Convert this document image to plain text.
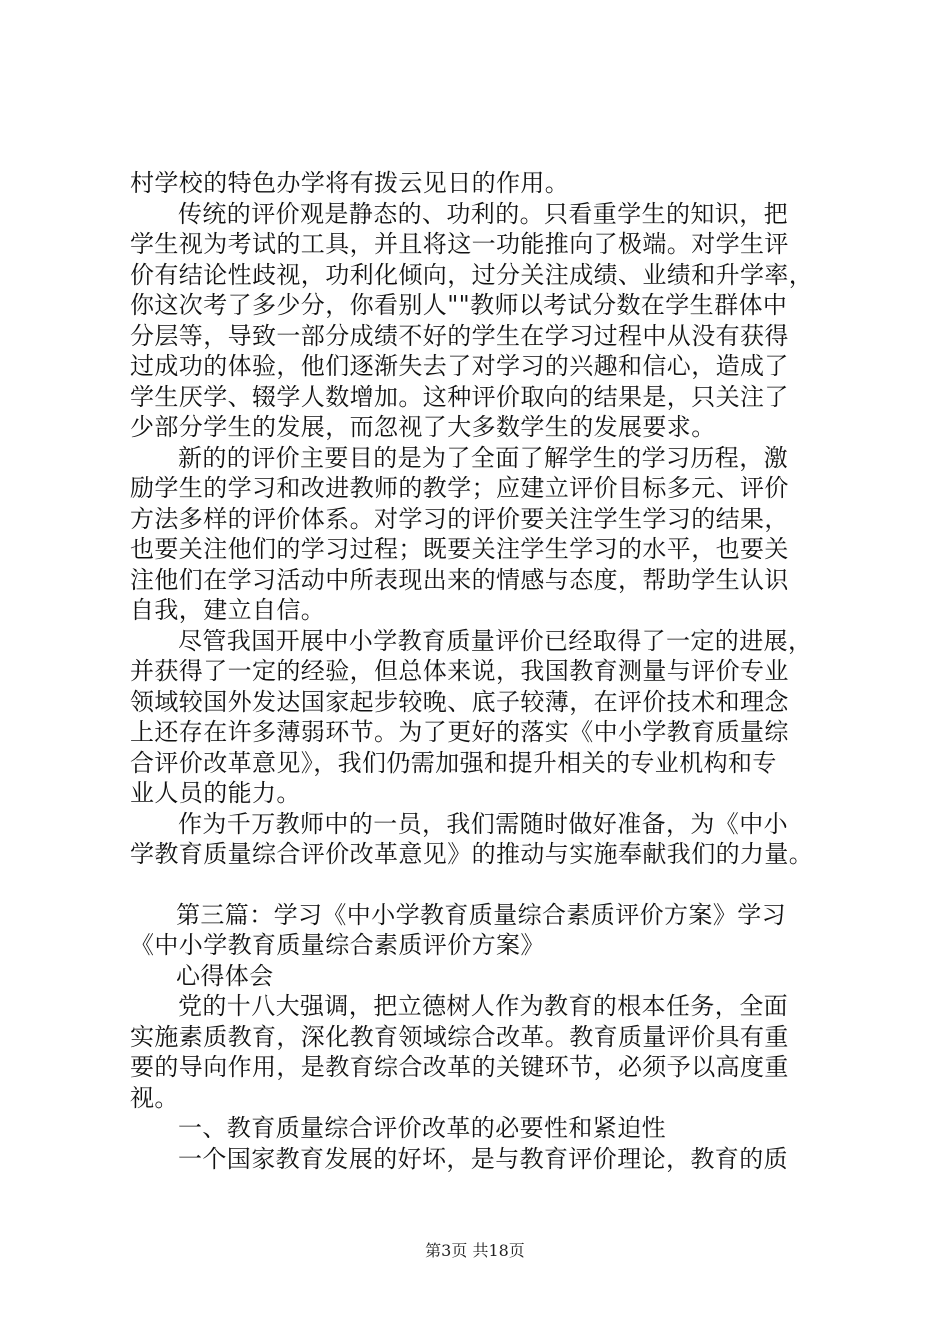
村学校的特色办学将有拨云见日的作用。
传统的评价观是静态的、功利的。只看重学生的知识，把
学生视为考试的工具，并且将这一功能推向了极端。对学生评
价有结论性歧视，功利化倾向，过分关注成绩、业绩和升学率，
你这次考了多少分，你看别人""教师以考试分数在学生群体中
分层等，导致一部分成绩不好的学生在学习过程中从没有获得
过成功的体验，他们逐渐失去了对学习的兴趣和信心，造成了
学生厌学、辍学人数增加。这种评价取向的结果是，只关注了
少部分学生的发展，而忽视了大多数学生的发展要求。
新的的评价主要目的是为了全面了解学生的学习历程，激
励学生的学习和改进教师的教学；应建立评价目标多元、评价
方法多样的评价体系。对学习的评价要关注学生学习的结果，
也要关注他们的学习过程；既要关注学生学习的水平，也要关
注他们在学习活动中所表现出来的情感与态度，帮助学生认识
自我，建立自信。
尽管我国开展中小学教育质量评价已经取得了一定的进展，
并获得了一定的经验，但总体来说，我国教育测量与评价专业
领域较国外发达国家起步较晚、底子较薄，在评价技术和理念
上还存在许多薄弱环节。为了更好的落实《中小学教育质量综
合评价改革意见》，我们仍需加强和提升相关的专业机构和专
业人员的能力。
作为千万教师中的一员，我们需随时做好准备，为《中小
学教育质量综合评价改革意见》的推动与实施奉献我们的力量。
第三篇：学习《中小学教育质量综合素质评价方案》学习
《中小学教育质量综合素质评价方案》
心得体会
党的十八大强调，把立德树人作为教育的根本任务，全面
实施素质教育，深化教育领域综合改革。教育质量评价具有重
要的导向作用，是教育综合改革的关键环节，必须予以高度重
视。
一、教育质量综合评价改革的必要性和紧迫性
一个国家教育发展的好坏，是与教育评价理论，教育的质
第3页 共18页
